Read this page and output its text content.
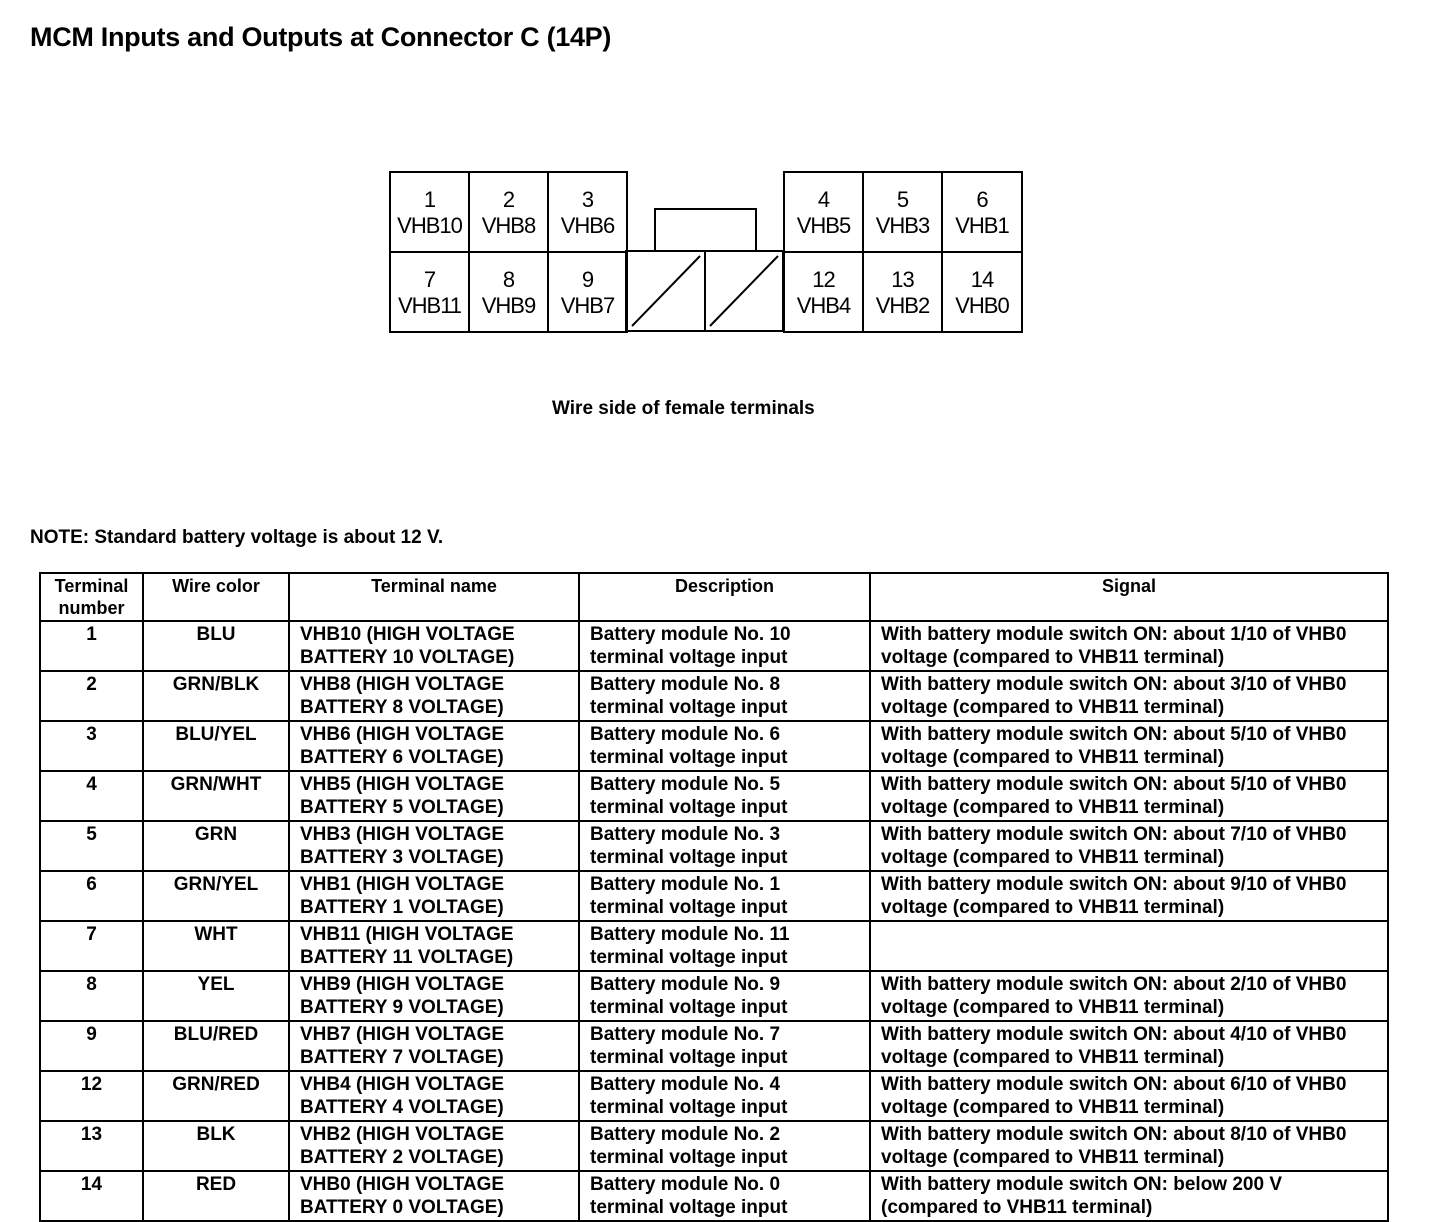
MCM Inputs and Outputs at Connector C (14P)
1
VHB10
2
VHB8
3
VHB6
4
VHB5
5
VHB3
6
VHB1
7
VHB11
8
VHB9
9
VHB7
12
VHB4
13
VHB2
14
VHB0
Wire side of female terminals
NOTE: Standard battery voltage is about 12 V.
Terminal number	Wire color	Terminal name	Description	Signal
1	BLU	VHB10 (HIGH VOLTAGE BATTERY 10 VOLTAGE)	Battery module No. 10 terminal voltage input	With battery module switch ON: about 1/10 of VHB0 voltage (compared to VHB11 terminal)
2	GRN/BLK	VHB8 (HIGH VOLTAGE BATTERY 8 VOLTAGE)	Battery module No. 8 terminal voltage input	With battery module switch ON: about 3/10 of VHB0 voltage (compared to VHB11 terminal)
3	BLU/YEL	VHB6 (HIGH VOLTAGE BATTERY 6 VOLTAGE)	Battery module No. 6 terminal voltage input	With battery module switch ON: about 5/10 of VHB0 voltage (compared to VHB11 terminal)
4	GRN/WHT	VHB5 (HIGH VOLTAGE BATTERY 5 VOLTAGE)	Battery module No. 5 terminal voltage input	With battery module switch ON: about 5/10 of VHB0 voltage (compared to VHB11 terminal)
5	GRN	VHB3 (HIGH VOLTAGE BATTERY 3 VOLTAGE)	Battery module No. 3 terminal voltage input	With battery module switch ON: about 7/10 of VHB0 voltage (compared to VHB11 terminal)
6	GRN/YEL	VHB1 (HIGH VOLTAGE BATTERY 1 VOLTAGE)	Battery module No. 1 terminal voltage input	With battery module switch ON: about 9/10 of VHB0 voltage (compared to VHB11 terminal)
7	WHT	VHB11 (HIGH VOLTAGE BATTERY 11 VOLTAGE)	Battery module No. 11 terminal voltage input	
8	YEL	VHB9 (HIGH VOLTAGE BATTERY 9 VOLTAGE)	Battery module No. 9 terminal voltage input	With battery module switch ON: about 2/10 of VHB0 voltage (compared to VHB11 terminal)
9	BLU/RED	VHB7 (HIGH VOLTAGE BATTERY 7 VOLTAGE)	Battery module No. 7 terminal voltage input	With battery module switch ON: about 4/10 of VHB0 voltage (compared to VHB11 terminal)
12	GRN/RED	VHB4 (HIGH VOLTAGE BATTERY 4 VOLTAGE)	Battery module No. 4 terminal voltage input	With battery module switch ON: about 6/10 of VHB0 voltage (compared to VHB11 terminal)
13	BLK	VHB2 (HIGH VOLTAGE BATTERY 2 VOLTAGE)	Battery module No. 2 terminal voltage input	With battery module switch ON: about 8/10 of VHB0 voltage (compared to VHB11 terminal)
14	RED	VHB0 (HIGH VOLTAGE BATTERY 0 VOLTAGE)	Battery module No. 0 terminal voltage input	With battery module switch ON: below 200 V (compared to VHB11 terminal)
